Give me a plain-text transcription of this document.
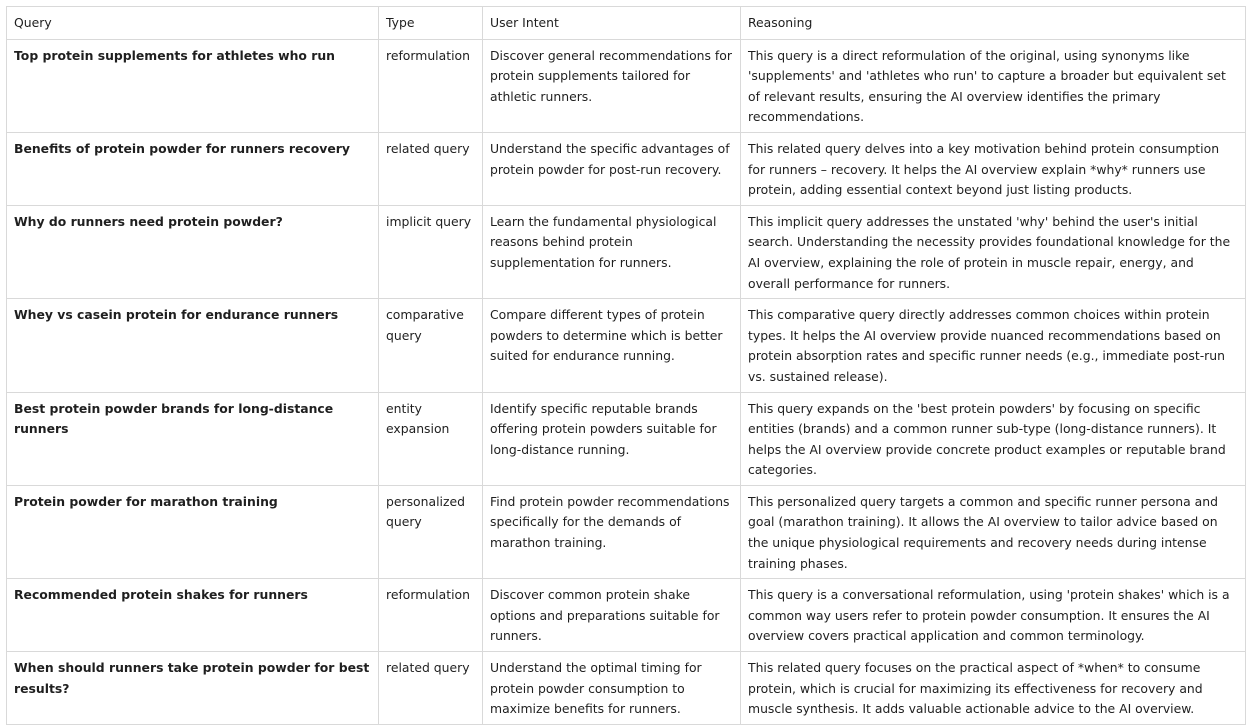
Query	Type	User Intent	Reasoning
Top protein supplements for athletes who run	reformulation	Discover general recommendations for protein supplements tailored for athletic runners.	This query is a direct reformulation of the original, using synonyms like 'supplements' and 'athletes who run' to capture a broader but equivalent set of relevant results, ensuring the AI overview identifies the primary recommendations.
Benefits of protein powder for runners recovery	related query	Understand the specific advantages of protein powder for post-run recovery.	This related query delves into a key motivation behind protein consumption for runners – recovery. It helps the AI overview explain *why* runners use protein, adding essential context beyond just listing products.
Why do runners need protein powder?	implicit query	Learn the fundamental physiological reasons behind protein supplementation for runners.	This implicit query addresses the unstated 'why' behind the user's initial search. Understanding the necessity provides foundational knowledge for the AI overview, explaining the role of protein in muscle repair, energy, and overall performance for runners.
Whey vs casein protein for endurance runners	comparative query	Compare different types of protein powders to determine which is better suited for endurance running.	This comparative query directly addresses common choices within protein types. It helps the AI overview provide nuanced recommendations based on protein absorption rates and specific runner needs (e.g., immediate post-run vs. sustained release).
Best protein powder brands for long-distance runners	entity expansion	Identify specific reputable brands offering protein powders suitable for long-distance running.	This query expands on the 'best protein powders' by focusing on specific entities (brands) and a common runner sub-type (long-distance runners). It helps the AI overview provide concrete product examples or reputable brand categories.
Protein powder for marathon training	personalized query	Find protein powder recommendations specifically for the demands of marathon training.	This personalized query targets a common and specific runner persona and goal (marathon training). It allows the AI overview to tailor advice based on the unique physiological requirements and recovery needs during intense training phases.
Recommended protein shakes for runners	reformulation	Discover common protein shake options and preparations suitable for runners.	This query is a conversational reformulation, using 'protein shakes' which is a common way users refer to protein powder consumption. It ensures the AI overview covers practical application and common terminology.
When should runners take protein powder for best results?	related query	Understand the optimal timing for protein powder consumption to maximize benefits for runners.	This related query focuses on the practical aspect of *when* to consume protein, which is crucial for maximizing its effectiveness for recovery and muscle synthesis. It adds valuable actionable advice to the AI overview.
